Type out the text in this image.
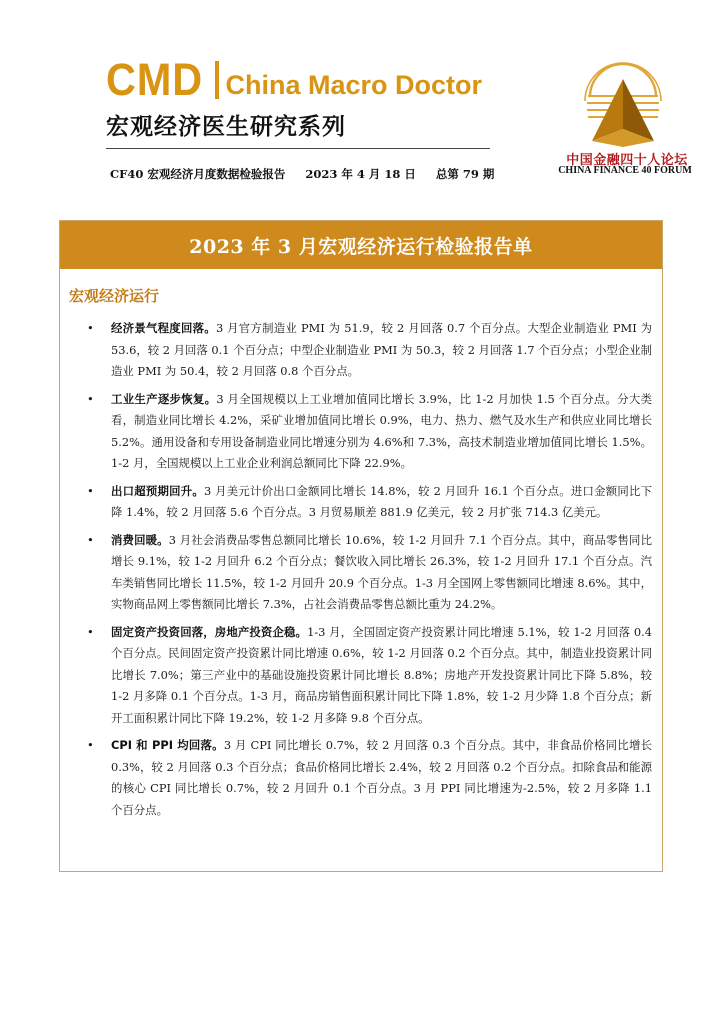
CMD China Macro Doctor
宏观经济医生研究系列
CF40 宏观经济月度数据检验报告 2023 年 4 月 18 日 总第 79 期
中国金融四十人论坛
CHINA FINANCE 40 FORUM
2023 年 3 月宏观经济运行检验报告单
宏观经济运行
• 经济景气程度回落。3 月官方制造业 PMI 为 51.9，较 2 月回落 0.7 个百分点。大型企业制造业 PMI 为 53.6，较 2 月回落 0.1 个百分点；中型企业制造业 PMI 为 50.3，较 2 月回落 1.7 个百分点；小型企业制造业 PMI 为 50.4，较 2 月回落 0.8 个百分点。
• 工业生产逐步恢复。3 月全国规模以上工业增加值同比增长 3.9%，比 1-2 月加快 1.5 个百分点。分大类看，制造业同比增长 4.2%，采矿业增加值同比增长 0.9%，电力、热力、燃气及水生产和供应业同比增长 5.2%。通用设备和专用设备制造业同比增速分别为 4.6%和 7.3%，高技术制造业增加值同比增长 1.5%。1-2 月，全国规模以上工业企业利润总额同比下降 22.9%。
• 出口超预期回升。3 月美元计价出口金额同比增长 14.8%，较 2 月回升 16.1 个百分点。进口金额同比下降 1.4%，较 2 月回落 5.6 个百分点。3 月贸易顺差 881.9 亿美元，较 2 月扩张 714.3 亿美元。
• 消费回暖。3 月社会消费品零售总额同比增长 10.6%，较 1-2 月回升 7.1 个百分点。其中，商品零售同比增长 9.1%，较 1-2 月回升 6.2 个百分点；餐饮收入同比增长 26.3%，较 1-2 月回升 17.1 个百分点。汽车类销售同比增长 11.5%，较 1-2 月回升 20.9 个百分点。1-3 月全国网上零售额同比增速 8.6%。其中，实物商品网上零售额同比增长 7.3%，占社会消费品零售总额比重为 24.2%。
• 固定资产投资回落，房地产投资企稳。1-3 月，全国固定资产投资累计同比增速 5.1%，较 1-2 月回落 0.4 个百分点。民间固定资产投资累计同比增速 0.6%，较 1-2 月回落 0.2 个百分点。其中，制造业投资累计同比增长 7.0%；第三产业中的基础设施投资累计同比增长 8.8%；房地产开发投资累计同比下降 5.8%，较 1-2 月多降 0.1 个百分点。1-3 月，商品房销售面积累计同比下降 1.8%，较 1-2 月少降 1.8 个百分点；新开工面积累计同比下降 19.2%，较 1-2 月多降 9.8 个百分点。
• CPI 和 PPI 均回落。3 月 CPI 同比增长 0.7%，较 2 月回落 0.3 个百分点。其中，非食品价格同比增长 0.3%，较 2 月回落 0.3 个百分点；食品价格同比增长 2.4%，较 2 月回落 0.2 个百分点。扣除食品和能源的核心 CPI 同比增长 0.7%，较 2 月回升 0.1 个百分点。3 月 PPI 同比增速为-2.5%，较 2 月多降 1.1 个百分点。
